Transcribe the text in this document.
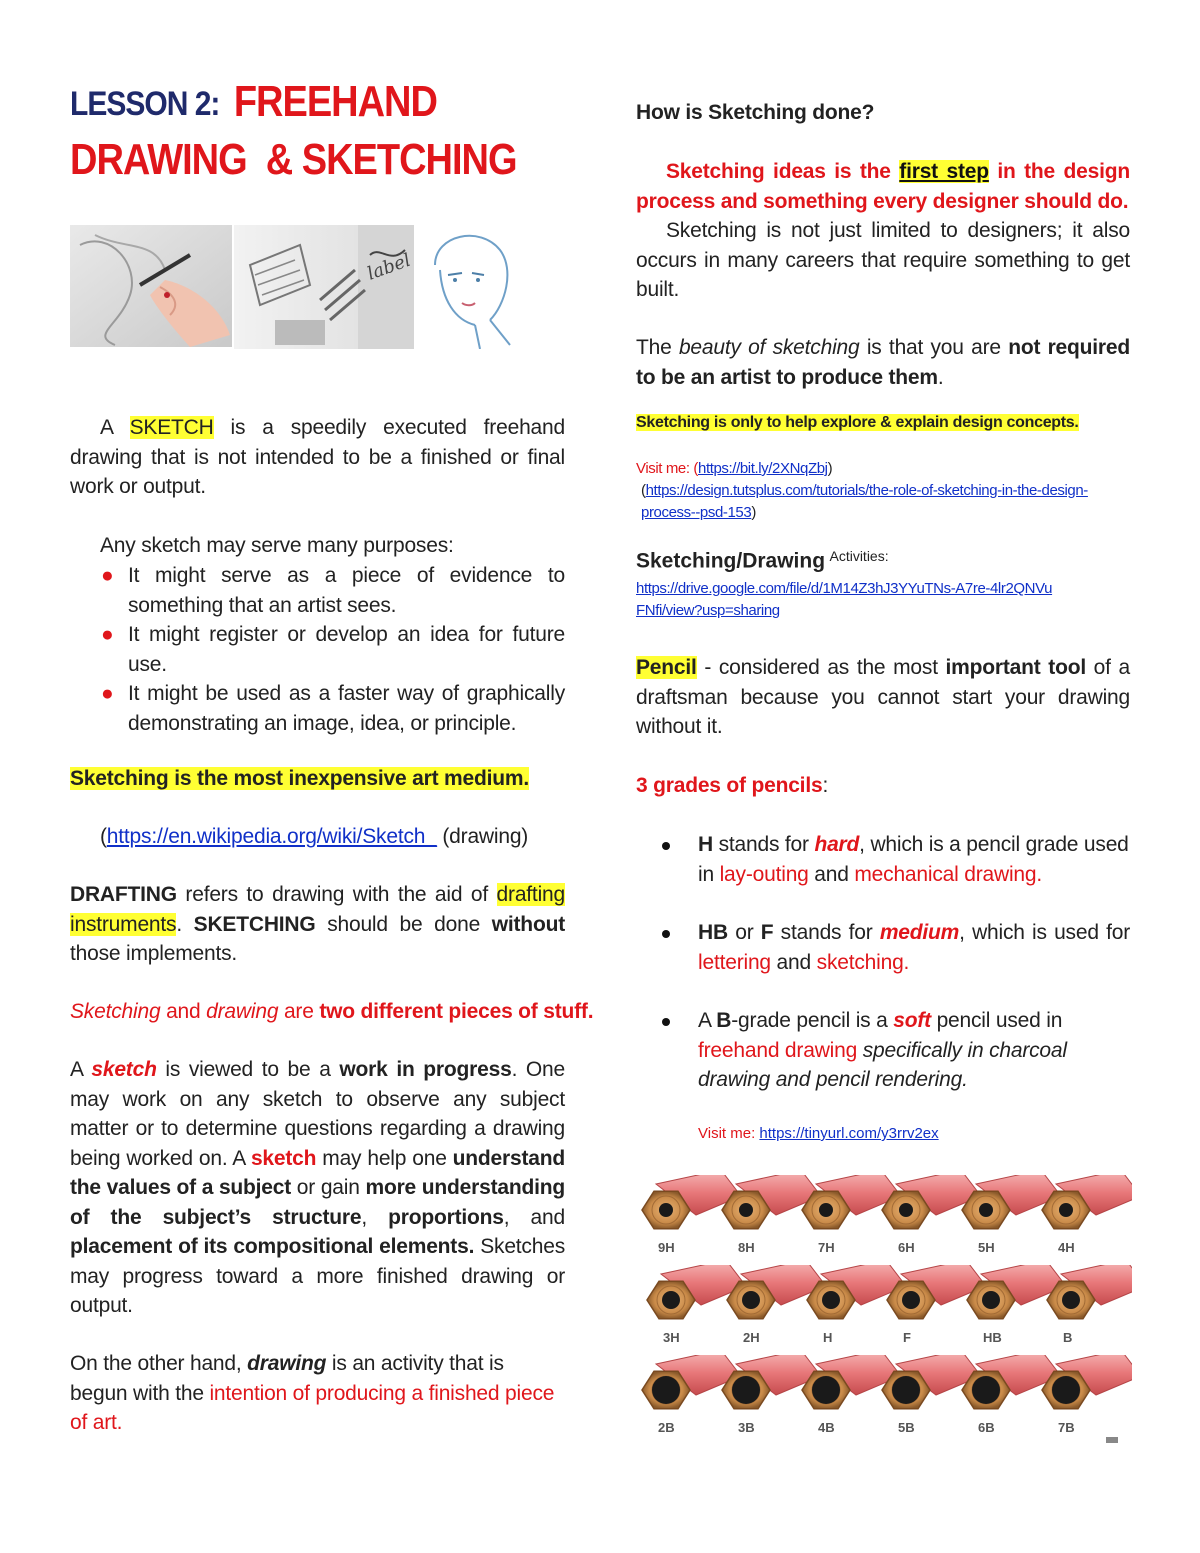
LESSON 2: FREEHAND
DRAWING  & SKETCHING
label
A SKETCH is a speedily executed freehand drawing that is not intended to be a finished or final work or output.
Any sketch may serve many purposes:
● It might serve as a piece of evidence to something that an artist sees.
● It might register or develop an idea for future use.
● It might be used as a faster way of graphically demonstrating an image, idea, or principle.
Sketching is the most inexpensive art medium.
(https://en.wikipedia.org/wiki/Sketch_ (drawing)
DRAFTING refers to drawing with the aid of drafting instruments. SKETCHING should be done without those implements.
Sketching and drawing are two different pieces of stuff.
A sketch is viewed to be a work in progress. One may work on any sketch to observe any subject matter or to determine questions regarding a drawing being worked on. A sketch may help one understand the values of a subject or gain more understanding of the subject’s structure, proportions, and placement of its compositional elements. Sketches may progress toward a more finished drawing or output.
On the other hand, drawing is an activity that is begun with the intention of producing a finished piece of art.
How is Sketching done?
Sketching ideas is the first step in the design process and something every designer should do.
Sketching is not just limited to designers; it also occurs in many careers that require something to get built.
The beauty of sketching is that you are not required to be an artist to produce them.
Sketching is only to help explore & explain design concepts.
Visit me: (https://bit.ly/2XNqZbj)
(https://design.tutsplus.com/tutorials/the-role-of-sketching-in-the-design-process--psd-153)
Sketching/Drawing $^{Activities:}$
https://drive.google.com/file/d/1M14Z3hJ3YYuTNs-A7re-4lr2QNVuFNfi/view?usp=sharing
Pencil - considered as the most important tool of a draftsman because you cannot start your drawing without it.
3 grades of pencils:
H stands for hard, which is a pencil grade used in lay-outing and mechanical drawing.
HB or F stands for medium, which is used for lettering and sketching.
A B-grade pencil is a soft pencil used in freehand drawing specifically in charcoal drawing and pencil rendering.
Visit me: https://tinyurl.com/y3rrv2ex
9H	8H	7H	6H	5H	4H
3H	2H	H	F	HB	B
2B	3B	4B	5B	6B	7B
